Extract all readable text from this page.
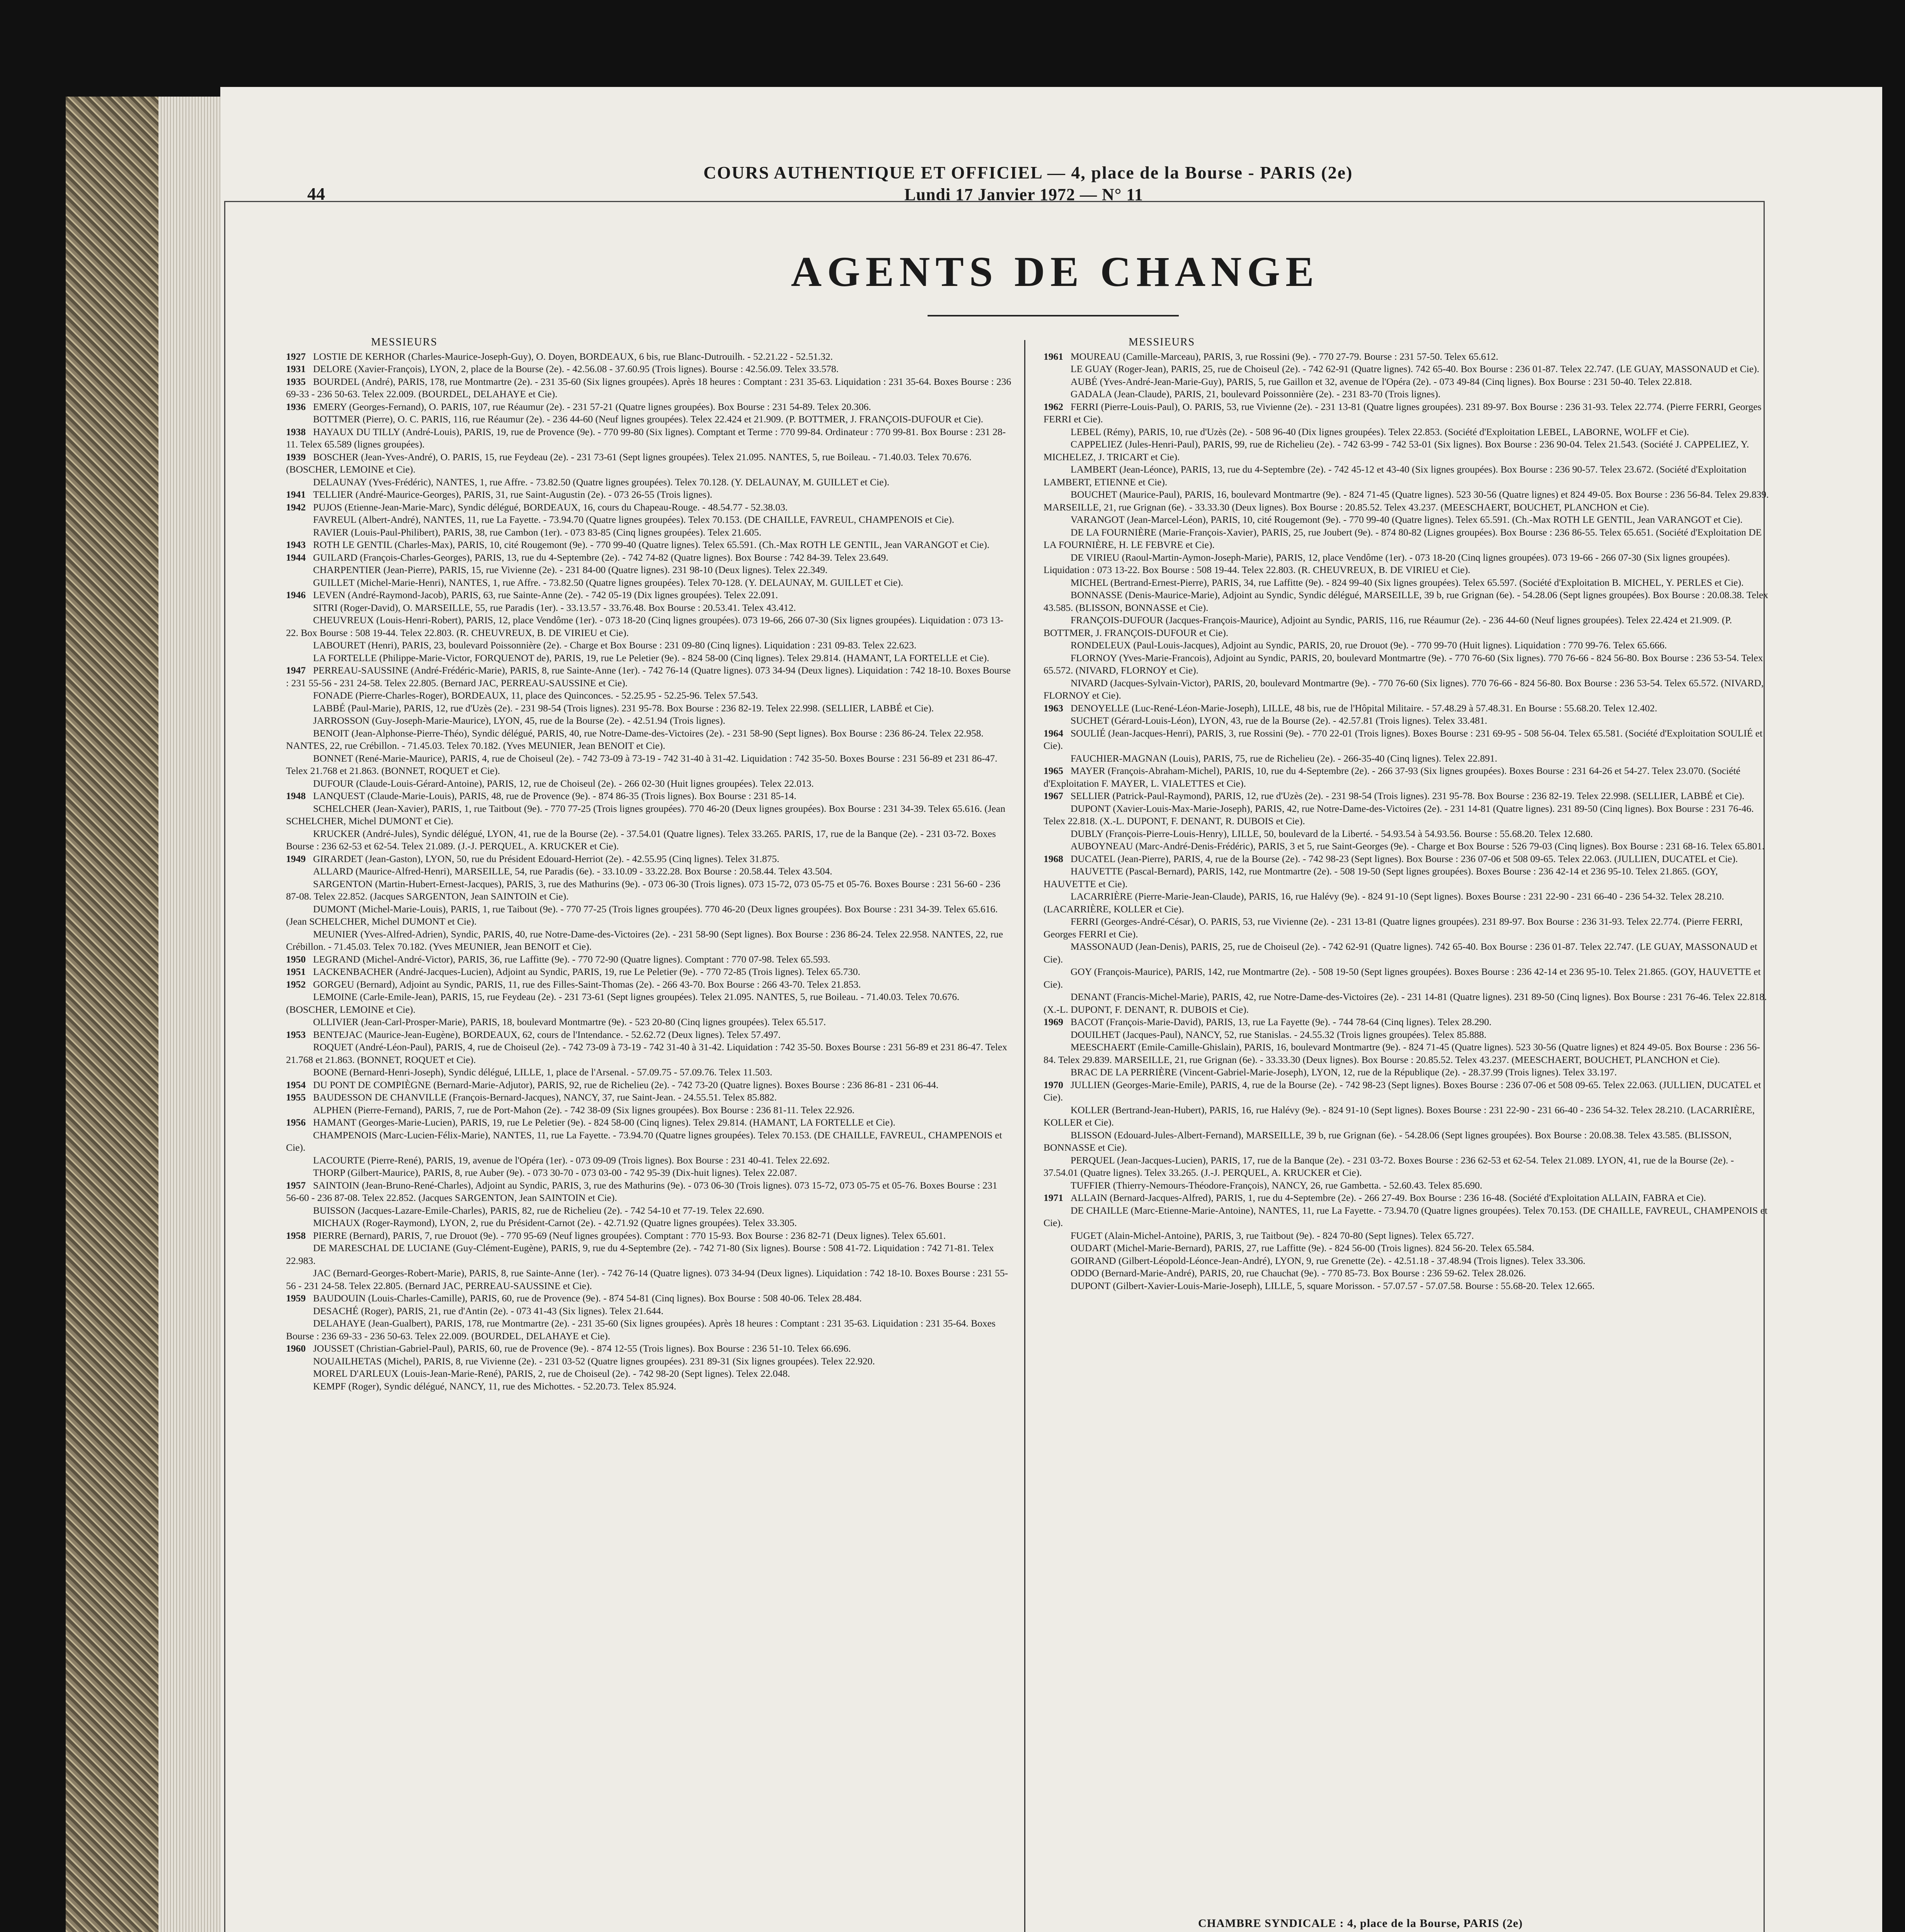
44
COURS AUTHENTIQUE ET OFFICIEL — 4, place de la Bourse - PARIS (2e)
Lundi 17 Janvier 1972 — N° 11
AGENTS DE CHANGE
MESSIEURS

1927 LOSTIE DE KERHOR (Charles-Maurice-Joseph-Guy), O. Doyen, BORDEAUX, 6 bis, rue Blanc-Dutrouilh. - 52.21.22 - 52.51.32.

1931 DELORE (Xavier-François), LYON, 2, place de la Bourse (2e). - 42.56.08 - 37.60.95 (Trois lignes). Bourse : 42.56.09. Telex 33.578.

1935 BOURDEL (André), PARIS, 178, rue Montmartre (2e). - 231 35-60 (Six lignes groupées). Après 18 heures : Comptant : 231 35-63. Liquidation : 231 35-64. Boxes Bourse : 236 69-33 - 236 50-63. Telex 22.009. (BOURDEL, DELAHAYE et Cie).

1936 EMERY (Georges-Fernand), O. PARIS, 107, rue Réaumur (2e). - 231 57-21 (Quatre lignes groupées). Box Bourse : 231 54-89. Telex 20.306.

BOTTMER (Pierre), O. C. PARIS, 116, rue Réaumur (2e). - 236 44-60 (Neuf lignes groupées). Telex 22.424 et 21.909. (P. BOTTMER, J. FRANÇOIS-DUFOUR et Cie).

1938 HAYAUX DU TILLY (André-Louis), PARIS, 19, rue de Provence (9e). - 770 99-80 (Six lignes). Comptant et Terme : 770 99-84. Ordinateur : 770 99-81. Box Bourse : 231 28-11. Telex 65.589 (lignes groupées).

1939 BOSCHER (Jean-Yves-André), O. PARIS, 15, rue Feydeau (2e). - 231 73-61 (Sept lignes groupées). Telex 21.095. NANTES, 5, rue Boileau. - 71.40.03. Telex 70.676. (BOSCHER, LEMOINE et Cie).

DELAUNAY (Yves-Frédéric), NANTES, 1, rue Affre. - 73.82.50 (Quatre lignes groupées). Telex 70.128. (Y. DELAUNAY, M. GUILLET et Cie).

1941 TELLIER (André-Maurice-Georges), PARIS, 31, rue Saint-Augustin (2e). - 073 26-55 (Trois lignes).

1942 PUJOS (Etienne-Jean-Marie-Marc), Syndic délégué, BORDEAUX, 16, cours du Chapeau-Rouge. - 48.54.77 - 52.38.03.

FAVREUL (Albert-André), NANTES, 11, rue La Fayette. - 73.94.70 (Quatre lignes groupées). Telex 70.153. (DE CHAILLE, FAVREUL, CHAMPENOIS et Cie).

RAVIER (Louis-Paul-Philibert), PARIS, 38, rue Cambon (1er). - 073 83-85 (Cinq lignes groupées). Telex 21.605.

1943 ROTH LE GENTIL (Charles-Max), PARIS, 10, cité Rougemont (9e). - 770 99-40 (Quatre lignes). Telex 65.591. (Ch.-Max ROTH LE GENTIL, Jean VARANGOT et Cie).

1944 GUILARD (François-Charles-Georges), PARIS, 13, rue du 4-Septembre (2e). - 742 74-82 (Quatre lignes). Box Bourse : 742 84-39. Telex 23.649.

CHARPENTIER (Jean-Pierre), PARIS, 15, rue Vivienne (2e). - 231 84-00 (Quatre lignes). 231 98-10 (Deux lignes). Telex 22.349.

GUILLET (Michel-Marie-Henri), NANTES, 1, rue Affre. - 73.82.50 (Quatre lignes groupées). Telex 70-128. (Y. DELAUNAY, M. GUILLET et Cie).

1946 LEVEN (André-Raymond-Jacob), PARIS, 63, rue Sainte-Anne (2e). - 742 05-19 (Dix lignes groupées). Telex 22.091.

SITRI (Roger-David), O. MARSEILLE, 55, rue Paradis (1er). - 33.13.57 - 33.76.48. Box Bourse : 20.53.41. Telex 43.412.

CHEUVREUX (Louis-Henri-Robert), PARIS, 12, place Vendôme (1er). - 073 18-20 (Cinq lignes groupées). 073 19-66, 266 07-30 (Six lignes groupées). Liquidation : 073 13-22. Box Bourse : 508 19-44. Telex 22.803. (R. CHEUVREUX, B. DE VIRIEU et Cie).

LABOURET (Henri), PARIS, 23, boulevard Poissonnière (2e). - Charge et Box Bourse : 231 09-80 (Cinq lignes). Liquidation : 231 09-83. Telex 22.623.

LA FORTELLE (Philippe-Marie-Victor, FORQUENOT de), PARIS, 19, rue Le Peletier (9e). - 824 58-00 (Cinq lignes). Telex 29.814. (HAMANT, LA FORTELLE et Cie).

1947 PERREAU-SAUSSINE (André-Frédéric-Marie), PARIS, 8, rue Sainte-Anne (1er). - 742 76-14 (Quatre lignes). 073 34-94 (Deux lignes). Liquidation : 742 18-10. Boxes Bourse : 231 55-56 - 231 24-58. Telex 22.805. (Bernard JAC, PERREAU-SAUSSINE et Cie).

FONADE (Pierre-Charles-Roger), BORDEAUX, 11, place des Quinconces. - 52.25.95 - 52.25-96. Telex 57.543.

LABBÉ (Paul-Marie), PARIS, 12, rue d'Uzès (2e). - 231 98-54 (Trois lignes). 231 95-78. Box Bourse : 236 82-19. Telex 22.998. (SELLIER, LABBÉ et Cie).

JARROSSON (Guy-Joseph-Marie-Maurice), LYON, 45, rue de la Bourse (2e). - 42.51.94 (Trois lignes).

BENOIT (Jean-Alphonse-Pierre-Théo), Syndic délégué, PARIS, 40, rue Notre-Dame-des-Victoires (2e). - 231 58-90 (Sept lignes). Box Bourse : 236 86-24. Telex 22.958. NANTES, 22, rue Crébillon. - 71.45.03. Telex 70.182. (Yves MEUNIER, Jean BENOIT et Cie).

BONNET (René-Marie-Maurice), PARIS, 4, rue de Choiseul (2e). - 742 73-09 à 73-19 - 742 31-40 à 31-42. Liquidation : 742 35-50. Boxes Bourse : 231 56-89 et 231 86-47. Telex 21.768 et 21.863. (BONNET, ROQUET et Cie).

DUFOUR (Claude-Louis-Gérard-Antoine), PARIS, 12, rue de Choiseul (2e). - 266 02-30 (Huit lignes groupées). Telex 22.013.

1948 LANQUEST (Claude-Marie-Louis), PARIS, 48, rue de Provence (9e). - 874 86-35 (Trois lignes). Box Bourse : 231 85-14.

SCHELCHER (Jean-Xavier), PARIS, 1, rue Taitbout (9e). - 770 77-25 (Trois lignes groupées). 770 46-20 (Deux lignes groupées). Box Bourse : 231 34-39. Telex 65.616. (Jean SCHELCHER, Michel DUMONT et Cie).

KRUCKER (André-Jules), Syndic délégué, LYON, 41, rue de la Bourse (2e). - 37.54.01 (Quatre lignes). Telex 33.265. PARIS, 17, rue de la Banque (2e). - 231 03-72. Boxes Bourse : 236 62-53 et 62-54. Telex 21.089. (J.-J. PERQUEL, A. KRUCKER et Cie).

1949 GIRARDET (Jean-Gaston), LYON, 50, rue du Président Edouard-Herriot (2e). - 42.55.95 (Cinq lignes). Telex 31.875.

ALLARD (Maurice-Alfred-Henri), MARSEILLE, 54, rue Paradis (6e). - 33.10.09 - 33.22.28. Box Bourse : 20.58.44. Telex 43.504.

SARGENTON (Martin-Hubert-Ernest-Jacques), PARIS, 3, rue des Mathurins (9e). - 073 06-30 (Trois lignes). 073 15-72, 073 05-75 et 05-76. Boxes Bourse : 231 56-60 - 236 87-08. Telex 22.852. (Jacques SARGENTON, Jean SAINTOIN et Cie).

DUMONT (Michel-Marie-Louis), PARIS, 1, rue Taibout (9e). - 770 77-25 (Trois lignes groupées). 770 46-20 (Deux lignes groupées). Box Bourse : 231 34-39. Telex 65.616. (Jean SCHELCHER, Michel DUMONT et Cie).

MEUNIER (Yves-Alfred-Adrien), Syndic, PARIS, 40, rue Notre-Dame-des-Victoires (2e). - 231 58-90 (Sept lignes). Box Bourse : 236 86-24. Telex 22.958. NANTES, 22, rue Crébillon. - 71.45.03. Telex 70.182. (Yves MEUNIER, Jean BENOIT et Cie).

1950 LEGRAND (Michel-André-Victor), PARIS, 36, rue Laffitte (9e). - 770 72-90 (Quatre lignes). Comptant : 770 07-98. Telex 65.593.

1951 LACKENBACHER (André-Jacques-Lucien), Adjoint au Syndic, PARIS, 19, rue Le Peletier (9e). - 770 72-85 (Trois lignes). Telex 65.730.

1952 GORGEU (Bernard), Adjoint au Syndic, PARIS, 11, rue des Filles-Saint-Thomas (2e). - 266 43-70. Box Bourse : 266 43-70. Telex 21.853.

LEMOINE (Carle-Emile-Jean), PARIS, 15, rue Feydeau (2e). - 231 73-61 (Sept lignes groupées). Telex 21.095. NANTES, 5, rue Boileau. - 71.40.03. Telex 70.676. (BOSCHER, LEMOINE et Cie).

OLLIVIER (Jean-Carl-Prosper-Marie), PARIS, 18, boulevard Montmartre (9e). - 523 20-80 (Cinq lignes groupées). Telex 65.517.

1953 BENTEJAC (Maurice-Jean-Eugène), BORDEAUX, 62, cours de l'Intendance. - 52.62.72 (Deux lignes). Telex 57.497.

ROQUET (André-Léon-Paul), PARIS, 4, rue de Choiseul (2e). - 742 73-09 à 73-19 - 742 31-40 à 31-42. Liquidation : 742 35-50. Boxes Bourse : 231 56-89 et 231 86-47. Telex 21.768 et 21.863. (BONNET, ROQUET et Cie).

BOONE (Bernard-Henri-Joseph), Syndic délégué, LILLE, 1, place de l'Arsenal. - 57.09.75 - 57.09.76. Telex 11.503.

1954 DU PONT DE COMPIÈGNE (Bernard-Marie-Adjutor), PARIS, 92, rue de Richelieu (2e). - 742 73-20 (Quatre lignes). Boxes Bourse : 236 86-81 - 231 06-44.

1955 BAUDESSON DE CHANVILLE (François-Bernard-Jacques), NANCY, 37, rue Saint-Jean. - 24.55.51. Telex 85.882.

ALPHEN (Pierre-Fernand), PARIS, 7, rue de Port-Mahon (2e). - 742 38-09 (Six lignes groupées). Box Bourse : 236 81-11. Telex 22.926.

1956 HAMANT (Georges-Marie-Lucien), PARIS, 19, rue Le Peletier (9e). - 824 58-00 (Cinq lignes). Telex 29.814. (HAMANT, LA FORTELLE et Cie).

CHAMPENOIS (Marc-Lucien-Félix-Marie), NANTES, 11, rue La Fayette. - 73.94.70 (Quatre lignes groupées). Telex 70.153. (DE CHAILLE, FAVREUL, CHAMPENOIS et Cie).

LACOURTE (Pierre-René), PARIS, 19, avenue de l'Opéra (1er). - 073 09-09 (Trois lignes). Box Bourse : 231 40-41. Telex 22.692.

THORP (Gilbert-Maurice), PARIS, 8, rue Auber (9e). - 073 30-70 - 073 03-00 - 742 95-39 (Dix-huit lignes). Telex 22.087.

1957 SAINTOIN (Jean-Bruno-René-Charles), Adjoint au Syndic, PARIS, 3, rue des Mathurins (9e). - 073 06-30 (Trois lignes). 073 15-72, 073 05-75 et 05-76. Boxes Bourse : 231 56-60 - 236 87-08. Telex 22.852. (Jacques SARGENTON, Jean SAINTOIN et Cie).

BUISSON (Jacques-Lazare-Emile-Charles), PARIS, 82, rue de Richelieu (2e). - 742 54-10 et 77-19. Telex 22.690.

MICHAUX (Roger-Raymond), LYON, 2, rue du Président-Carnot (2e). - 42.71.92 (Quatre lignes groupées). Telex 33.305.

1958 PIERRE (Bernard), PARIS, 7, rue Drouot (9e). - 770 95-69 (Neuf lignes groupées). Comptant : 770 15-93. Box Bourse : 236 82-71 (Deux lignes). Telex 65.601.

DE MARESCHAL DE LUCIANE (Guy-Clément-Eugène), PARIS, 9, rue du 4-Septembre (2e). - 742 71-80 (Six lignes). Bourse : 508 41-72. Liquidation : 742 71-81. Telex 22.983.

JAC (Bernard-Georges-Robert-Marie), PARIS, 8, rue Sainte-Anne (1er). - 742 76-14 (Quatre lignes). 073 34-94 (Deux lignes). Liquidation : 742 18-10. Boxes Bourse : 231 55-56 - 231 24-58. Telex 22.805. (Bernard JAC, PERREAU-SAUSSINE et Cie).

1959 BAUDOUIN (Louis-Charles-Camille), PARIS, 60, rue de Provence (9e). - 874 54-81 (Cinq lignes). Box Bourse : 508 40-06. Telex 28.484.

DESACHÉ (Roger), PARIS, 21, rue d'Antin (2e). - 073 41-43 (Six lignes). Telex 21.644.

DELAHAYE (Jean-Gualbert), PARIS, 178, rue Montmartre (2e). - 231 35-60 (Six lignes groupées). Après 18 heures : Comptant : 231 35-63. Liquidation : 231 35-64. Boxes Bourse : 236 69-33 - 236 50-63. Telex 22.009. (BOURDEL, DELAHAYE et Cie).

1960 JOUSSET (Christian-Gabriel-Paul), PARIS, 60, rue de Provence (9e). - 874 12-55 (Trois lignes). Box Bourse : 236 51-10. Telex 66.696.

NOUAILHETAS (Michel), PARIS, 8, rue Vivienne (2e). - 231 03-52 (Quatre lignes groupées). 231 89-31 (Six lignes groupées). Telex 22.920.

MOREL D'ARLEUX (Louis-Jean-Marie-René), PARIS, 2, rue de Choiseul (2e). - 742 98-20 (Sept lignes). Telex 22.048.

KEMPF (Roger), Syndic délégué, NANCY, 11, rue des Michottes. - 52.20.73. Telex 85.924.

MESSIEURS

1961 MOUREAU (Camille-Marceau), PARIS, 3, rue Rossini (9e). - 770 27-79. Bourse : 231 57-50. Telex 65.612.

LE GUAY (Roger-Jean), PARIS, 25, rue de Choiseul (2e). - 742 62-91 (Quatre lignes). 742 65-40. Box Bourse : 236 01-87. Telex 22.747. (LE GUAY, MASSONAUD et Cie).

AUBÉ (Yves-André-Jean-Marie-Guy), PARIS, 5, rue Gaillon et 32, avenue de l'Opéra (2e). - 073 49-84 (Cinq lignes). Box Bourse : 231 50-40. Telex 22.818.

GADALA (Jean-Claude), PARIS, 21, boulevard Poissonnière (2e). - 231 83-70 (Trois lignes).

1962 FERRI (Pierre-Louis-Paul), O. PARIS, 53, rue Vivienne (2e). - 231 13-81 (Quatre lignes groupées). 231 89-97. Box Bourse : 236 31-93. Telex 22.774. (Pierre FERRI, Georges FERRI et Cie).

LEBEL (Rémy), PARIS, 10, rue d'Uzès (2e). - 508 96-40 (Dix lignes groupées). Telex 22.853. (Société d'Exploitation LEBEL, LABORNE, WOLFF et Cie).

CAPPELIEZ (Jules-Henri-Paul), PARIS, 99, rue de Richelieu (2e). - 742 63-99 - 742 53-01 (Six lignes). Box Bourse : 236 90-04. Telex 21.543. (Société J. CAPPELIEZ, Y. MICHELEZ, J. TRICART et Cie).

LAMBERT (Jean-Léonce), PARIS, 13, rue du 4-Septembre (2e). - 742 45-12 et 43-40 (Six lignes groupées). Box Bourse : 236 90-57. Telex 23.672. (Société d'Exploitation LAMBERT, ETIENNE et Cie).

BOUCHET (Maurice-Paul), PARIS, 16, boulevard Montmartre (9e). - 824 71-45 (Quatre lignes). 523 30-56 (Quatre lignes) et 824 49-05. Box Bourse : 236 56-84. Telex 29.839. MARSEILLE, 21, rue Grignan (6e). - 33.33.30 (Deux lignes). Box Bourse : 20.85.52. Telex 43.237. (MEESCHAERT, BOUCHET, PLANCHON et Cie).

VARANGOT (Jean-Marcel-Léon), PARIS, 10, cité Rougemont (9e). - 770 99-40 (Quatre lignes). Telex 65.591. (Ch.-Max ROTH LE GENTIL, Jean VARANGOT et Cie).

DE LA FOURNIÈRE (Marie-François-Xavier), PARIS, 25, rue Joubert (9e). - 874 80-82 (Lignes groupées). Box Bourse : 236 86-55. Telex 65.651. (Société d'Exploitation DE LA FOURNIÈRE, H. LE FEBVRE et Cie).

DE VIRIEU (Raoul-Martin-Aymon-Joseph-Marie), PARIS, 12, place Vendôme (1er). - 073 18-20 (Cinq lignes groupées). 073 19-66 - 266 07-30 (Six lignes groupées). Liquidation : 073 13-22. Box Bourse : 508 19-44. Telex 22.803. (R. CHEUVREUX, B. DE VIRIEU et Cie).

MICHEL (Bertrand-Ernest-Pierre), PARIS, 34, rue Laffitte (9e). - 824 99-40 (Six lignes groupées). Telex 65.597. (Société d'Exploitation B. MICHEL, Y. PERLES et Cie).

BONNASSE (Denis-Maurice-Marie), Adjoint au Syndic, Syndic délégué, MARSEILLE, 39 b, rue Grignan (6e). - 54.28.06 (Sept lignes groupées). Box Bourse : 20.08.38. Telex 43.585. (BLISSON, BONNASSE et Cie).

FRANÇOIS-DUFOUR (Jacques-François-Maurice), Adjoint au Syndic, PARIS, 116, rue Réaumur (2e). - 236 44-60 (Neuf lignes groupées). Telex 22.424 et 21.909. (P. BOTTMER, J. FRANÇOIS-DUFOUR et Cie).

RONDELEUX (Paul-Louis-Jacques), Adjoint au Syndic, PARIS, 20, rue Drouot (9e). - 770 99-70 (Huit lignes). Liquidation : 770 99-76. Telex 65.666.

FLORNOY (Yves-Marie-Francois), Adjoint au Syndic, PARIS, 20, boulevard Montmartre (9e). - 770 76-60 (Six lignes). 770 76-66 - 824 56-80. Box Bourse : 236 53-54. Telex 65.572. (NIVARD, FLORNOY et Cie).

NIVARD (Jacques-Sylvain-Victor), PARIS, 20, boulevard Montmartre (9e). - 770 76-60 (Six lignes). 770 76-66 - 824 56-80. Box Bourse : 236 53-54. Telex 65.572. (NIVARD, FLORNOY et Cie).

1963 DENOYELLE (Luc-René-Léon-Marie-Joseph), LILLE, 48 bis, rue de l'Hôpital Militaire. - 57.48.29 à 57.48.31. En Bourse : 55.68.20. Telex 12.402.

SUCHET (Gérard-Louis-Léon), LYON, 43, rue de la Bourse (2e). - 42.57.81 (Trois lignes). Telex 33.481.

1964 SOULIÉ (Jean-Jacques-Henri), PARIS, 3, rue Rossini (9e). - 770 22-01 (Trois lignes). Boxes Bourse : 231 69-95 - 508 56-04. Telex 65.581. (Société d'Exploitation SOULIÉ et Cie).

FAUCHIER-MAGNAN (Louis), PARIS, 75, rue de Richelieu (2e). - 266-35-40 (Cinq lignes). Telex 22.891.

1965 MAYER (François-Abraham-Michel), PARIS, 10, rue du 4-Septembre (2e). - 266 37-93 (Six lignes groupées). Boxes Bourse : 231 64-26 et 54-27. Telex 23.070. (Société d'Exploitation F. MAYER, L. VIALETTES et Cie).

1967 SELLIER (Patrick-Paul-Raymond), PARIS, 12, rue d'Uzès (2e). - 231 98-54 (Trois lignes). 231 95-78. Box Bourse : 236 82-19. Telex 22.998. (SELLIER, LABBÉ et Cie).

DUPONT (Xavier-Louis-Max-Marie-Joseph), PARIS, 42, rue Notre-Dame-des-Victoires (2e). - 231 14-81 (Quatre lignes). 231 89-50 (Cinq lignes). Box Bourse : 231 76-46. Telex 22.818. (X.-L. DUPONT, F. DENANT, R. DUBOIS et Cie).

DUBLY (François-Pierre-Louis-Henry), LILLE, 50, boulevard de la Liberté. - 54.93.54 à 54.93.56. Bourse : 55.68.20. Telex 12.680.

AUBOYNEAU (Marc-André-Denis-Frédéric), PARIS, 3 et 5, rue Saint-Georges (9e). - Charge et Box Bourse : 526 79-03 (Cinq lignes). Box Bourse : 231 68-16. Telex 65.801.

1968 DUCATEL (Jean-Pierre), PARIS, 4, rue de la Bourse (2e). - 742 98-23 (Sept lignes). Box Bourse : 236 07-06 et 508 09-65. Telex 22.063. (JULLIEN, DUCATEL et Cie).

HAUVETTE (Pascal-Bernard), PARIS, 142, rue Montmartre (2e). - 508 19-50 (Sept lignes groupées). Boxes Bourse : 236 42-14 et 236 95-10. Telex 21.865. (GOY, HAUVETTE et Cie).

LACARRIÈRE (Pierre-Marie-Jean-Claude), PARIS, 16, rue Halévy (9e). - 824 91-10 (Sept lignes). Boxes Bourse : 231 22-90 - 231 66-40 - 236 54-32. Telex 28.210. (LACARRIÈRE, KOLLER et Cie).

FERRI (Georges-André-César), O. PARIS, 53, rue Vivienne (2e). - 231 13-81 (Quatre lignes groupées). 231 89-97. Box Bourse : 236 31-93. Telex 22.774. (Pierre FERRI, Georges FERRI et Cie).

MASSONAUD (Jean-Denis), PARIS, 25, rue de Choiseul (2e). - 742 62-91 (Quatre lignes). 742 65-40. Box Bourse : 236 01-87. Telex 22.747. (LE GUAY, MASSONAUD et Cie).

GOY (François-Maurice), PARIS, 142, rue Montmartre (2e). - 508 19-50 (Sept lignes groupées). Boxes Bourse : 236 42-14 et 236 95-10. Telex 21.865. (GOY, HAUVETTE et Cie).

DENANT (Francis-Michel-Marie), PARIS, 42, rue Notre-Dame-des-Victoires (2e). - 231 14-81 (Quatre lignes). 231 89-50 (Cinq lignes). Box Bourse : 231 76-46. Telex 22.818. (X.-L. DUPONT, F. DENANT, R. DUBOIS et Cie).

1969 BACOT (François-Marie-David), PARIS, 13, rue La Fayette (9e). - 744 78-64 (Cinq lignes). Telex 28.290.

DOUILHET (Jacques-Paul), NANCY, 52, rue Stanislas. - 24.55.32 (Trois lignes groupées). Telex 85.888.

MEESCHAERT (Emile-Camille-Ghislain), PARIS, 16, boulevard Montmartre (9e). - 824 71-45 (Quatre lignes). 523 30-56 (Quatre lignes) et 824 49-05. Box Bourse : 236 56-84. Telex 29.839. MARSEILLE, 21, rue Grignan (6e). - 33.33.30 (Deux lignes). Box Bourse : 20.85.52. Telex 43.237. (MEESCHAERT, BOUCHET, PLANCHON et Cie).

BRAC DE LA PERRIÈRE (Vincent-Gabriel-Marie-Joseph), LYON, 12, rue de la République (2e). - 28.37.99 (Trois lignes). Telex 33.197.

1970 JULLIEN (Georges-Marie-Emile), PARIS, 4, rue de la Bourse (2e). - 742 98-23 (Sept lignes). Boxes Bourse : 236 07-06 et 508 09-65. Telex 22.063. (JULLIEN, DUCATEL et Cie).

KOLLER (Bertrand-Jean-Hubert), PARIS, 16, rue Halévy (9e). - 824 91-10 (Sept lignes). Boxes Bourse : 231 22-90 - 231 66-40 - 236 54-32. Telex 28.210. (LACARRIÈRE, KOLLER et Cie).

BLISSON (Edouard-Jules-Albert-Fernand), MARSEILLE, 39 b, rue Grignan (6e). - 54.28.06 (Sept lignes groupées). Box Bourse : 20.08.38. Telex 43.585. (BLISSON, BONNASSE et Cie).

PERQUEL (Jean-Jacques-Lucien), PARIS, 17, rue de la Banque (2e). - 231 03-72. Boxes Bourse : 236 62-53 et 62-54. Telex 21.089. LYON, 41, rue de la Bourse (2e). - 37.54.01 (Quatre lignes). Telex 33.265. (J.-J. PERQUEL, A. KRUCKER et Cie).

TUFFIER (Thierry-Nemours-Théodore-François), NANCY, 26, rue Gambetta. - 52.60.43. Telex 85.690.

1971 ALLAIN (Bernard-Jacques-Alfred), PARIS, 1, rue du 4-Septembre (2e). - 266 27-49. Box Bourse : 236 16-48. (Société d'Exploitation ALLAIN, FABRA et Cie).

DE CHAILLE (Marc-Etienne-Marie-Antoine), NANTES, 11, rue La Fayette. - 73.94.70 (Quatre lignes groupées). Telex 70.153. (DE CHAILLE, FAVREUL, CHAMPENOIS et Cie).

FUGET (Alain-Michel-Antoine), PARIS, 3, rue Taitbout (9e). - 824 70-80 (Sept lignes). Telex 65.727.

OUDART (Michel-Marie-Bernard), PARIS, 27, rue Laffitte (9e). - 824 56-00 (Trois lignes). 824 56-20. Telex 65.584.

GOIRAND (Gilbert-Léopold-Léonce-Jean-André), LYON, 9, rue Grenette (2e). - 42.51.18 - 37.48.94 (Trois lignes). Telex 33.306.

ODDO (Bernard-Marie-André), PARIS, 20, rue Chauchat (9e). - 770 85-73. Box Bourse : 236 59-62. Telex 28.026.

DUPONT (Gilbert-Xavier-Louis-Marie-Joseph), LILLE, 5, square Morisson. - 57.07.57 - 57.07.58. Bourse : 55.68-20. Telex 12.665.

CHAMBRE SYNDICALE : 4, place de la Bourse, PARIS (2e)
